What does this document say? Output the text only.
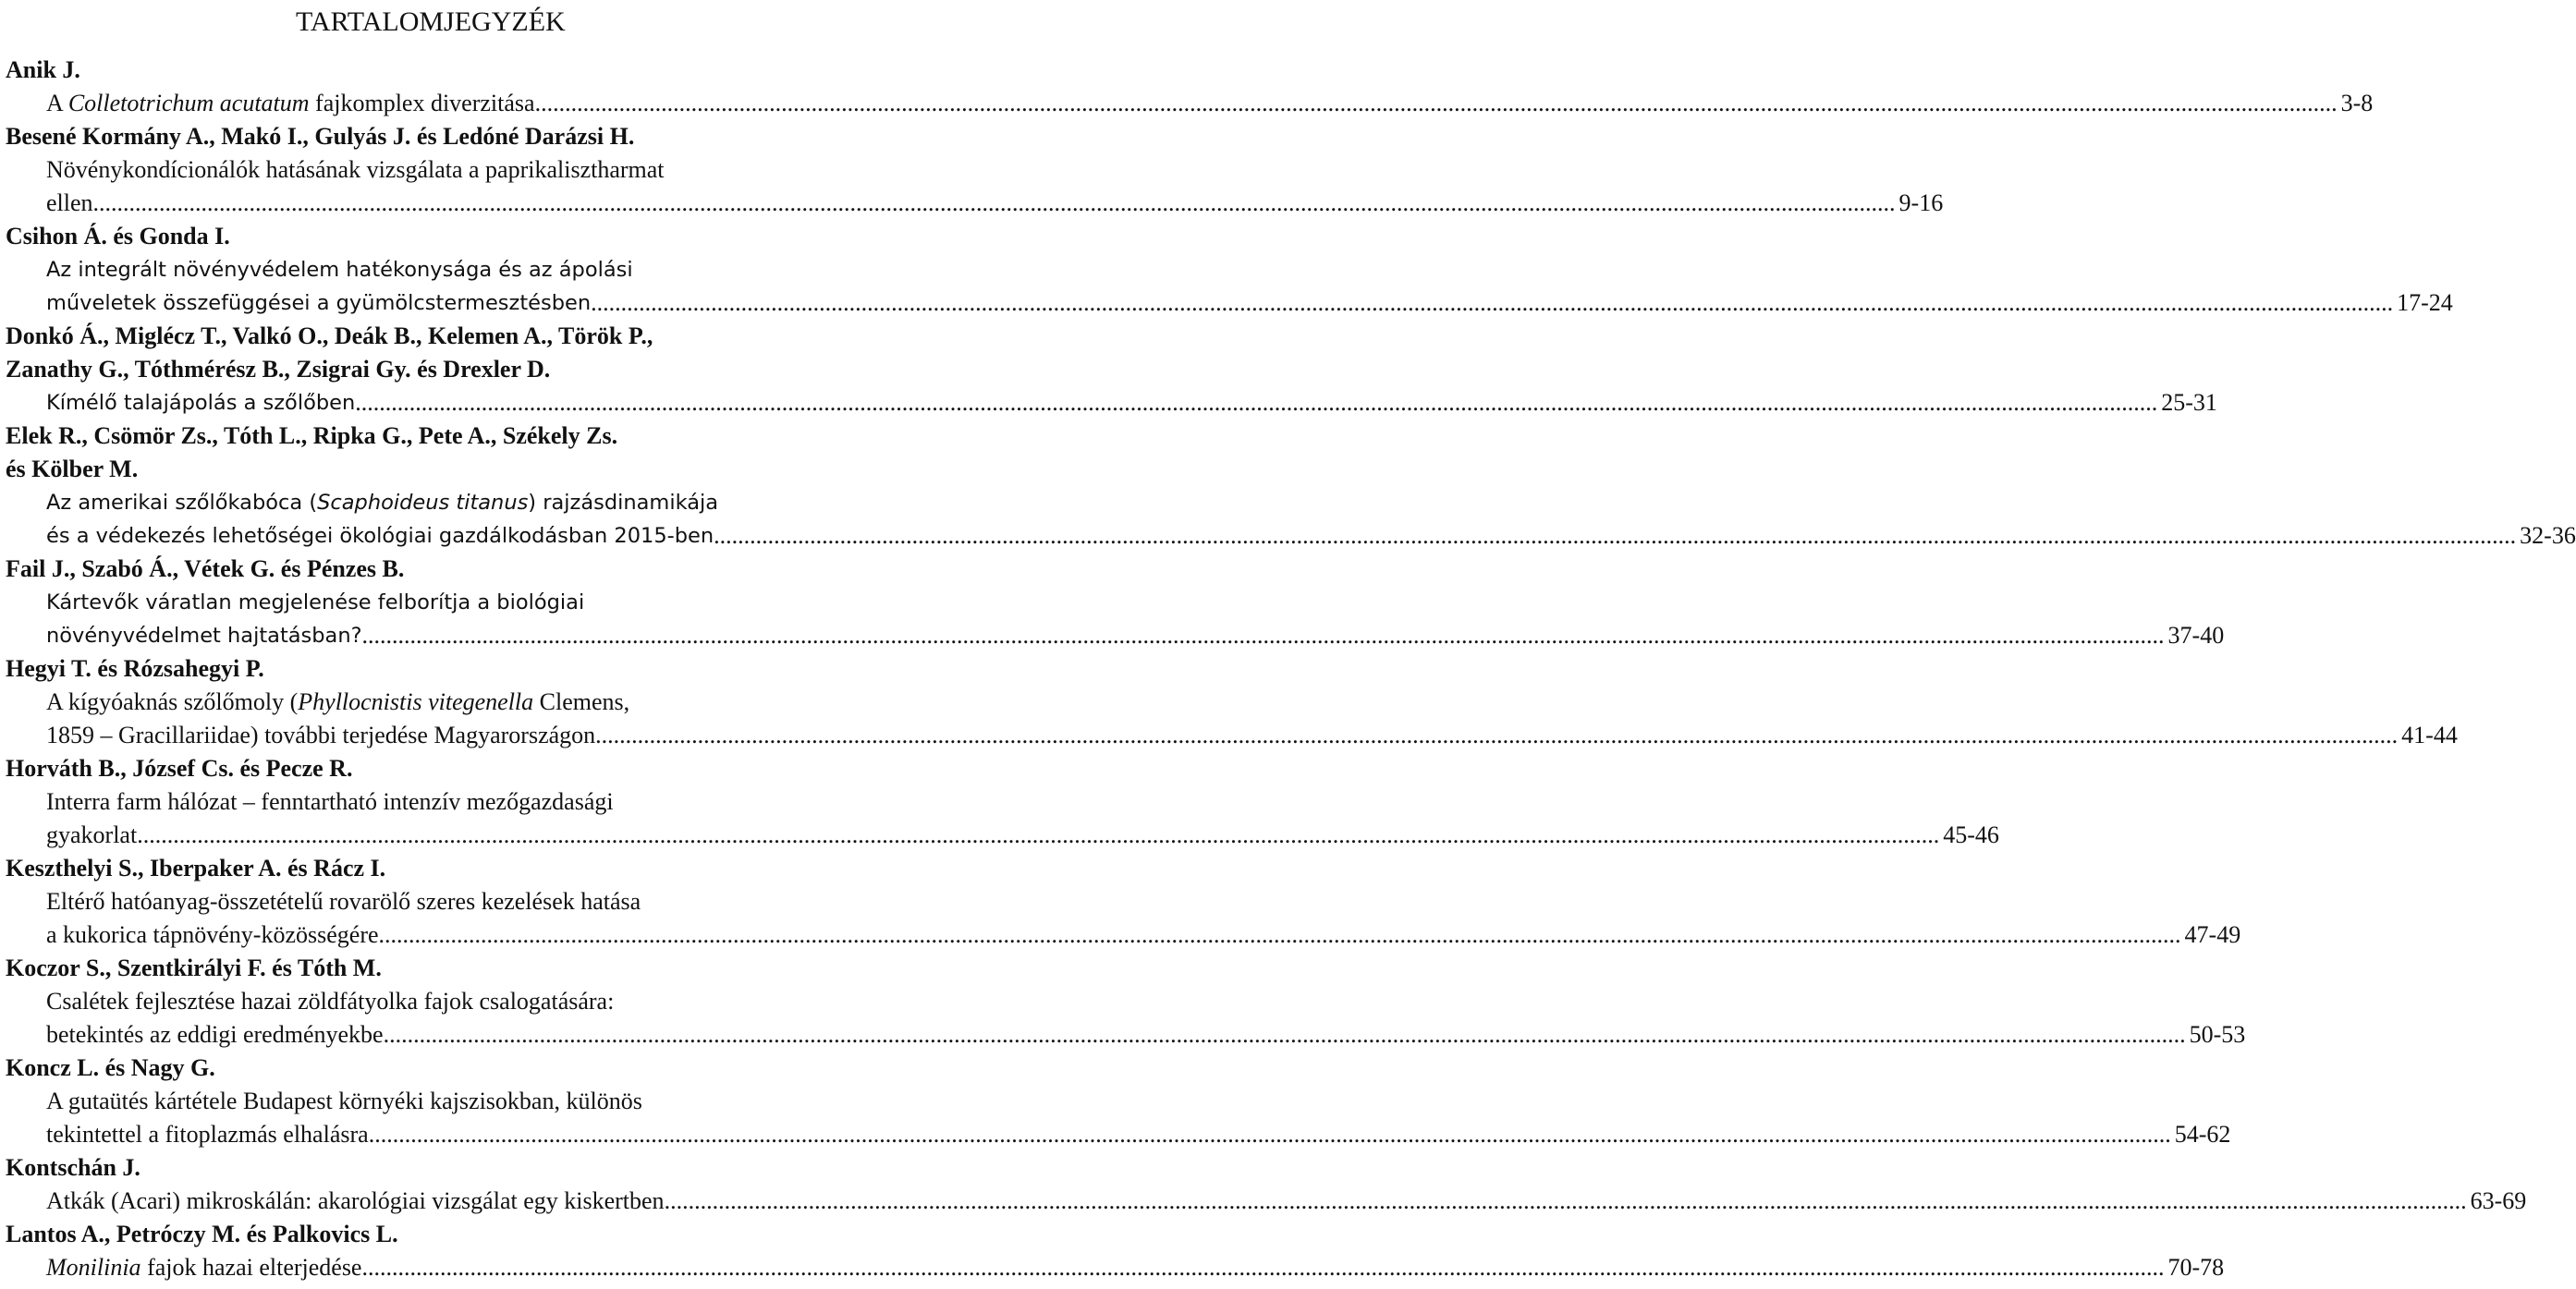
TARTALOMJEGYZÉK
Anik J.
A Colletotrichum acutatum fajkomplex diverzitása ............................................................................................................................................................................................................................................................................................................ 3-8
Besené Kormány A., Makó I., Gulyás J. és Ledóné Darázsi H.
Növénykondícionálók hatásának vizsgálata a paprikalisztharmat
ellen ............................................................................................................................................................................................................................................................................................................ 9-16
Csihon Á. és Gonda I.
Az integrált növényvédelem hatékonysága és az ápolási
műveletek összefüggései a gyümölcstermesztésben ............................................................................................................................................................................................................................................................................................................ 17-24
Donkó Á., Miglécz T., Valkó O., Deák B., Kelemen A., Török P.,
Zanathy G., Tóthmérész B., Zsigrai Gy. és Drexler D.
Kímélő talajápolás a szőlőben ............................................................................................................................................................................................................................................................................................................ 25-31
Elek R., Csömör Zs., Tóth L., Ripka G., Pete A., Székely Zs.
és Kölber M.
Az amerikai szőlőkabóca (Scaphoideus titanus) rajzásdinamikája
és a védekezés lehetőségei ökológiai gazdálkodásban 2015-ben ............................................................................................................................................................................................................................................................................................................ 32-36
Fail J., Szabó Á., Vétek G. és Pénzes B.
Kártevők váratlan megjelenése felborítja a biológiai
növényvédelmet hajtatásban? ............................................................................................................................................................................................................................................................................................................ 37-40
Hegyi T. és Rózsahegyi P.
A kígyóaknás szőlőmoly (Phyllocnistis vitegenella Clemens,
1859 – Gracillariidae) további terjedése Magyarországon ............................................................................................................................................................................................................................................................................................................ 41-44
Horváth B., József Cs. és Pecze R.
Interra farm hálózat – fenntartható intenzív mezőgazdasági
gyakorlat ............................................................................................................................................................................................................................................................................................................ 45-46
Keszthelyi S., Iberpaker A. és Rácz I.
Eltérő hatóanyag-összetételű rovarölő szeres kezelések hatása
a kukorica tápnövény-közösségére ............................................................................................................................................................................................................................................................................................................ 47-49
Koczor S., Szentkirályi F. és Tóth M.
Csalétek fejlesztése hazai zöldfátyolka fajok csalogatására:
betekintés az eddigi eredményekbe ............................................................................................................................................................................................................................................................................................................ 50-53
Koncz L. és Nagy G.
A gutaütés kártétele Budapest környéki kajszisokban, különös
tekintettel a fitoplazmás elhalásra ............................................................................................................................................................................................................................................................................................................ 54-62
Kontschán J.
Atkák (Acari) mikroskálán: akarológiai vizsgálat egy kiskertben ............................................................................................................................................................................................................................................................................................................ 63-69
Lantos A., Petróczy M. és Palkovics L.
Monilinia fajok hazai elterjedése ............................................................................................................................................................................................................................................................................................................ 70-78
